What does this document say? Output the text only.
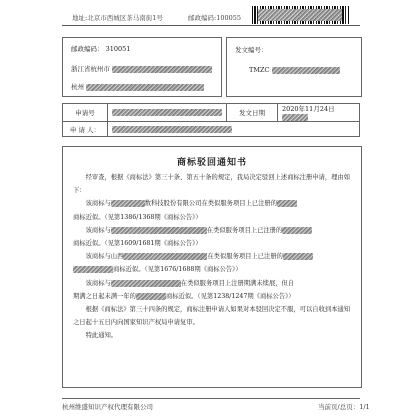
地址:北京市西城区茶马南街1号	邮政编码:100055
邮政编码： 310051
浙江省杭州市
杭州
发文编号：
TMZC
申请号		发文日期	2020年11月24日
申 请 人：			
商标驳回通知书

经审查，根据《商标法》第三十条、第五十条的规定，我局决定驳回上述商标注册申请，理由如下：

该商标与	数科技股份有限公司在类似服务项目上已注册的

商标近似。（见第1386/1368期《商标公告》）

该商标与	在类似服务项目上已注册的

商标近似。（见第1609/1681期《商标公告》）

该商标与山西	在类似服务项目上已注册的

商标近似。（见第1676/1688期《商标公告》）

该商标与	在类似服务项目上注册期满未续展，但自

期满之日起未满一年的	商标近似。（见第1238/1247期《商标公告》）

根据《商标法》第三十四条的规定，商标注册申请人如果对本驳回决定不服，可以自收到本通知之日起十五日内向国家知识产权局申请复审。

特此通知。

杭州维盛知识产权代理有限公司	当前页/总页：1/1
